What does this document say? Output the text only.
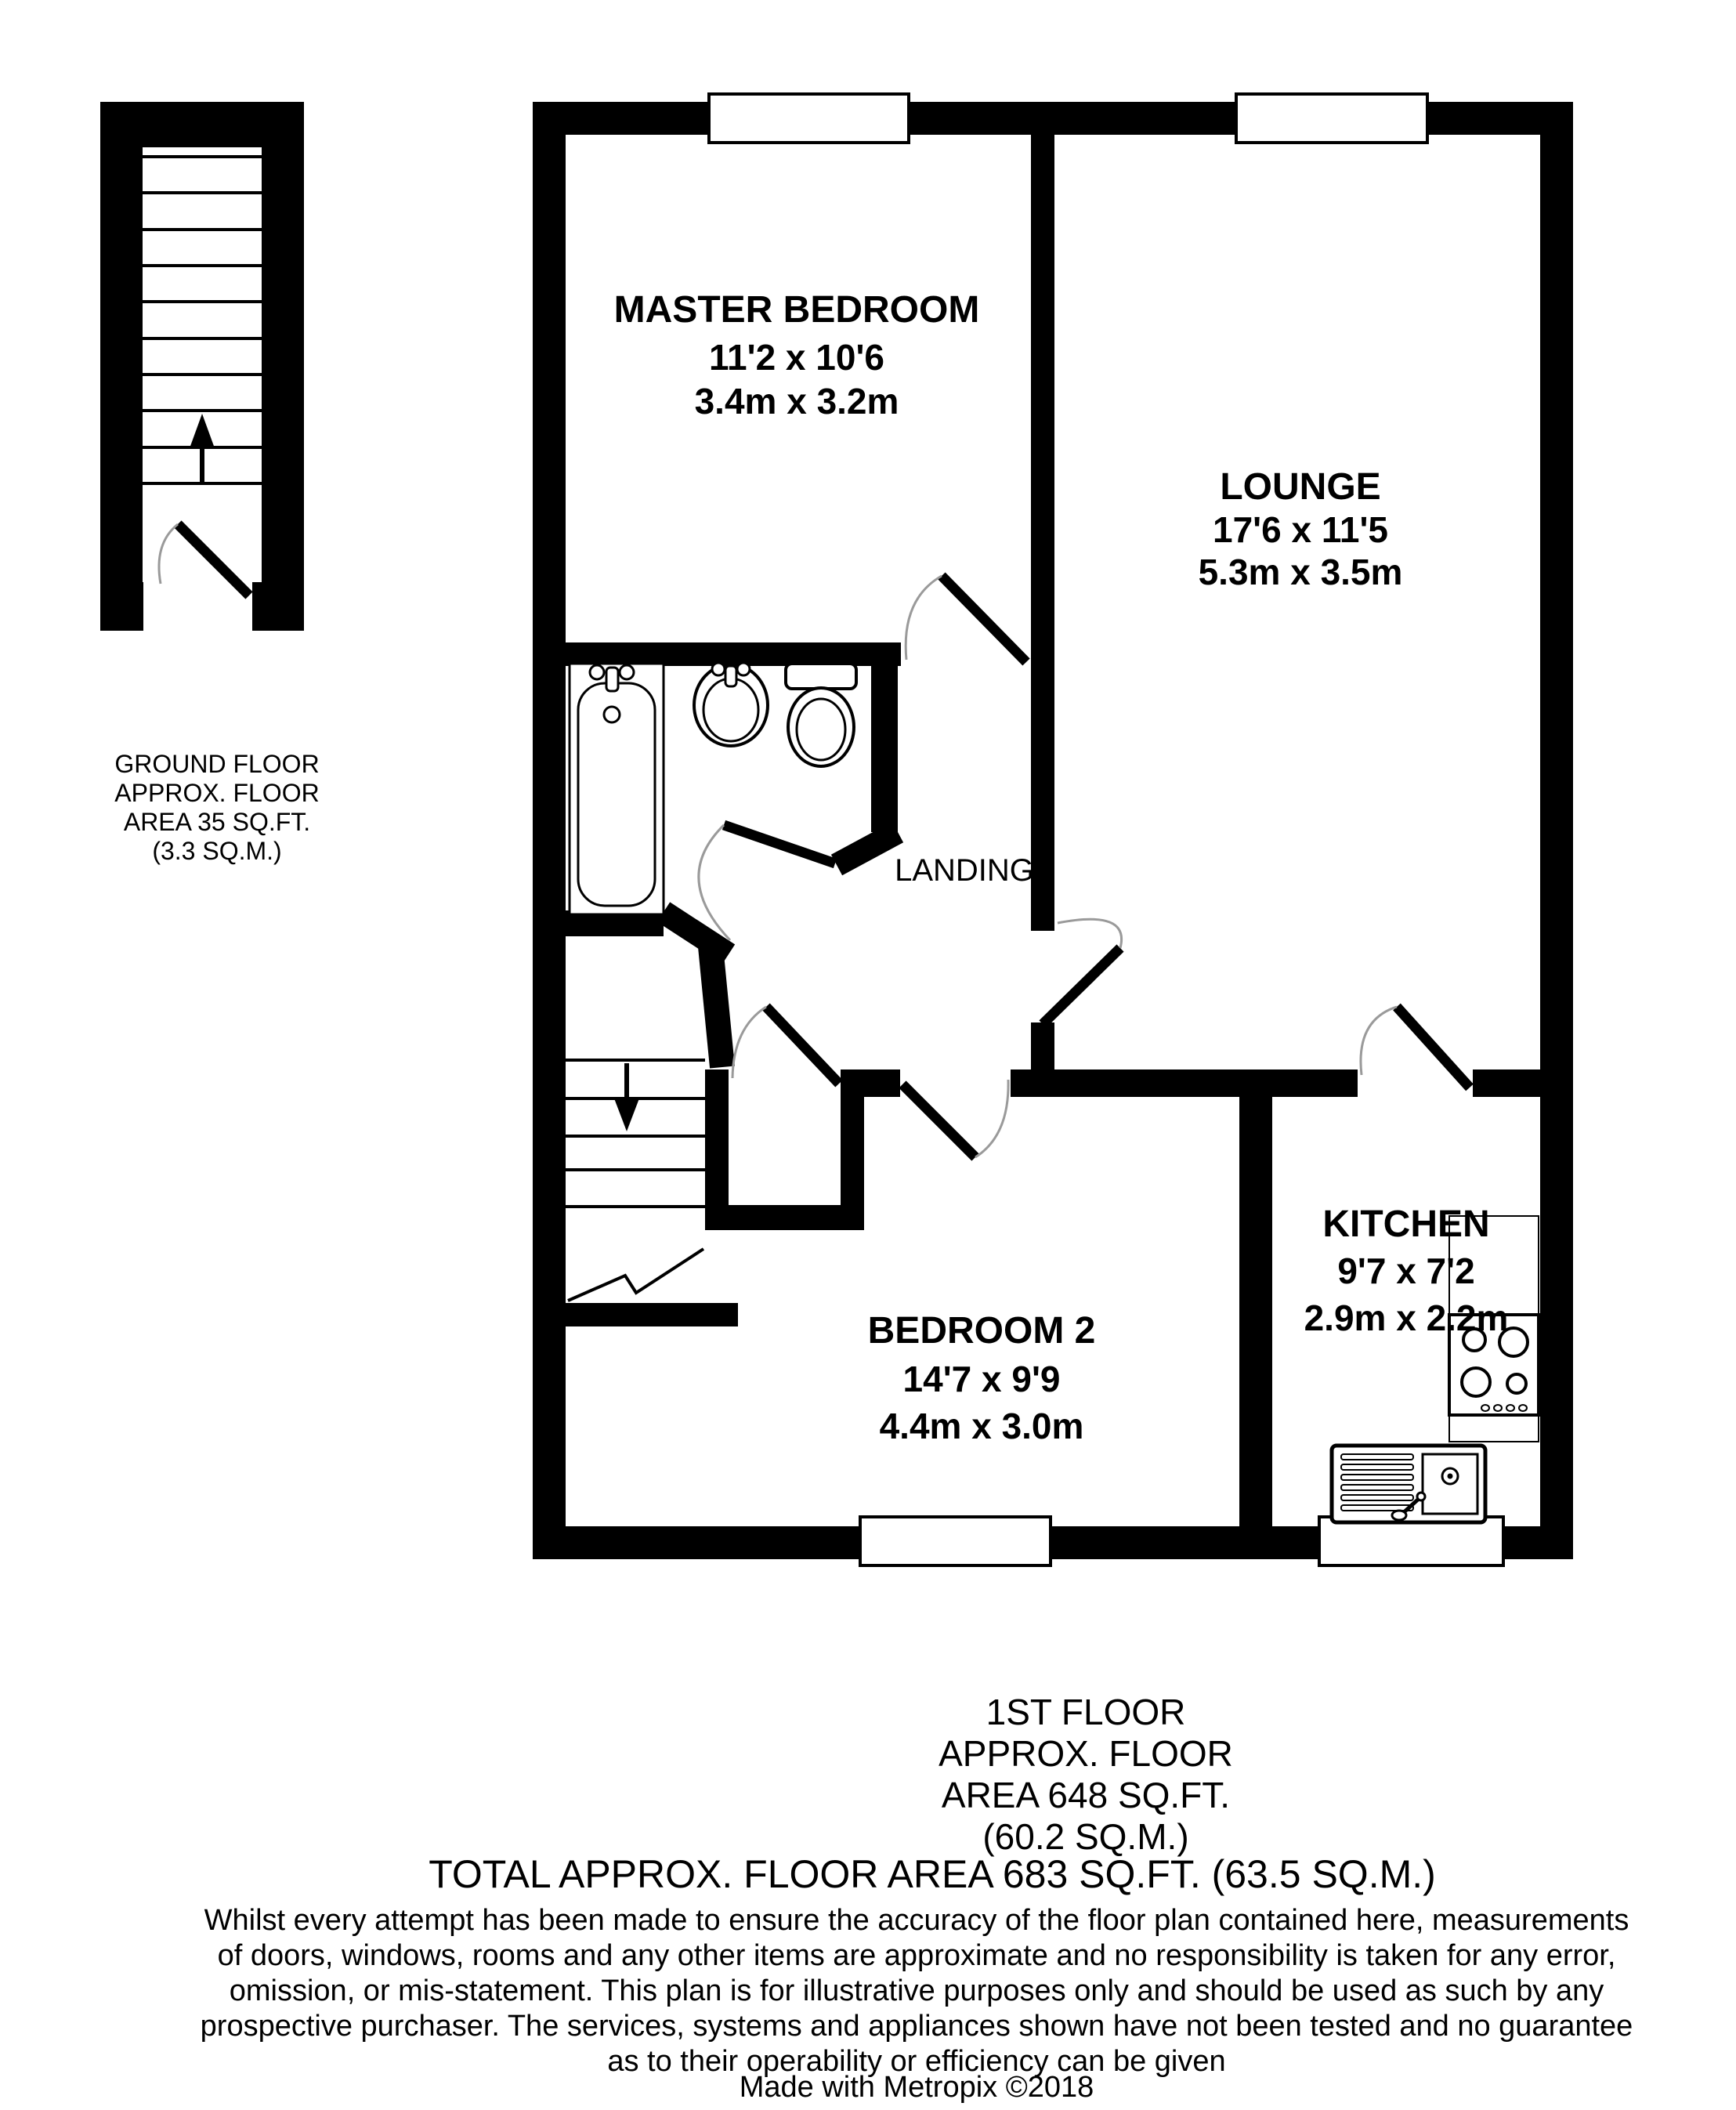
GROUND FLOOR
APPROX. FLOOR
AREA 35 SQ.FT.
(3.3 SQ.M.)
MASTER BEDROOM
11'2 x 10'6
3.4m x 3.2m
LOUNGE
17'6 x 11'5
5.3m x 3.5m
LANDING
BEDROOM 2
14'7 x 9'9
4.4m x 3.0m
KITCHEN
9'7 x 7'2
2.9m x 2.2m
1ST FLOOR
APPROX. FLOOR
AREA 648 SQ.FT.
(60.2 SQ.M.)
TOTAL APPROX. FLOOR AREA 683 SQ.FT. (63.5 SQ.M.)
Whilst every attempt has been made to ensure the accuracy of the floor plan contained here, measurements
of doors, windows, rooms and any other items are approximate and no responsibility is taken for any error,
omission, or mis-statement. This plan is for illustrative purposes only and should be used as such by any
prospective purchaser. The services, systems and appliances shown have not been tested and no guarantee
as to their operability or efficiency can be given
Made with Metropix ©2018
